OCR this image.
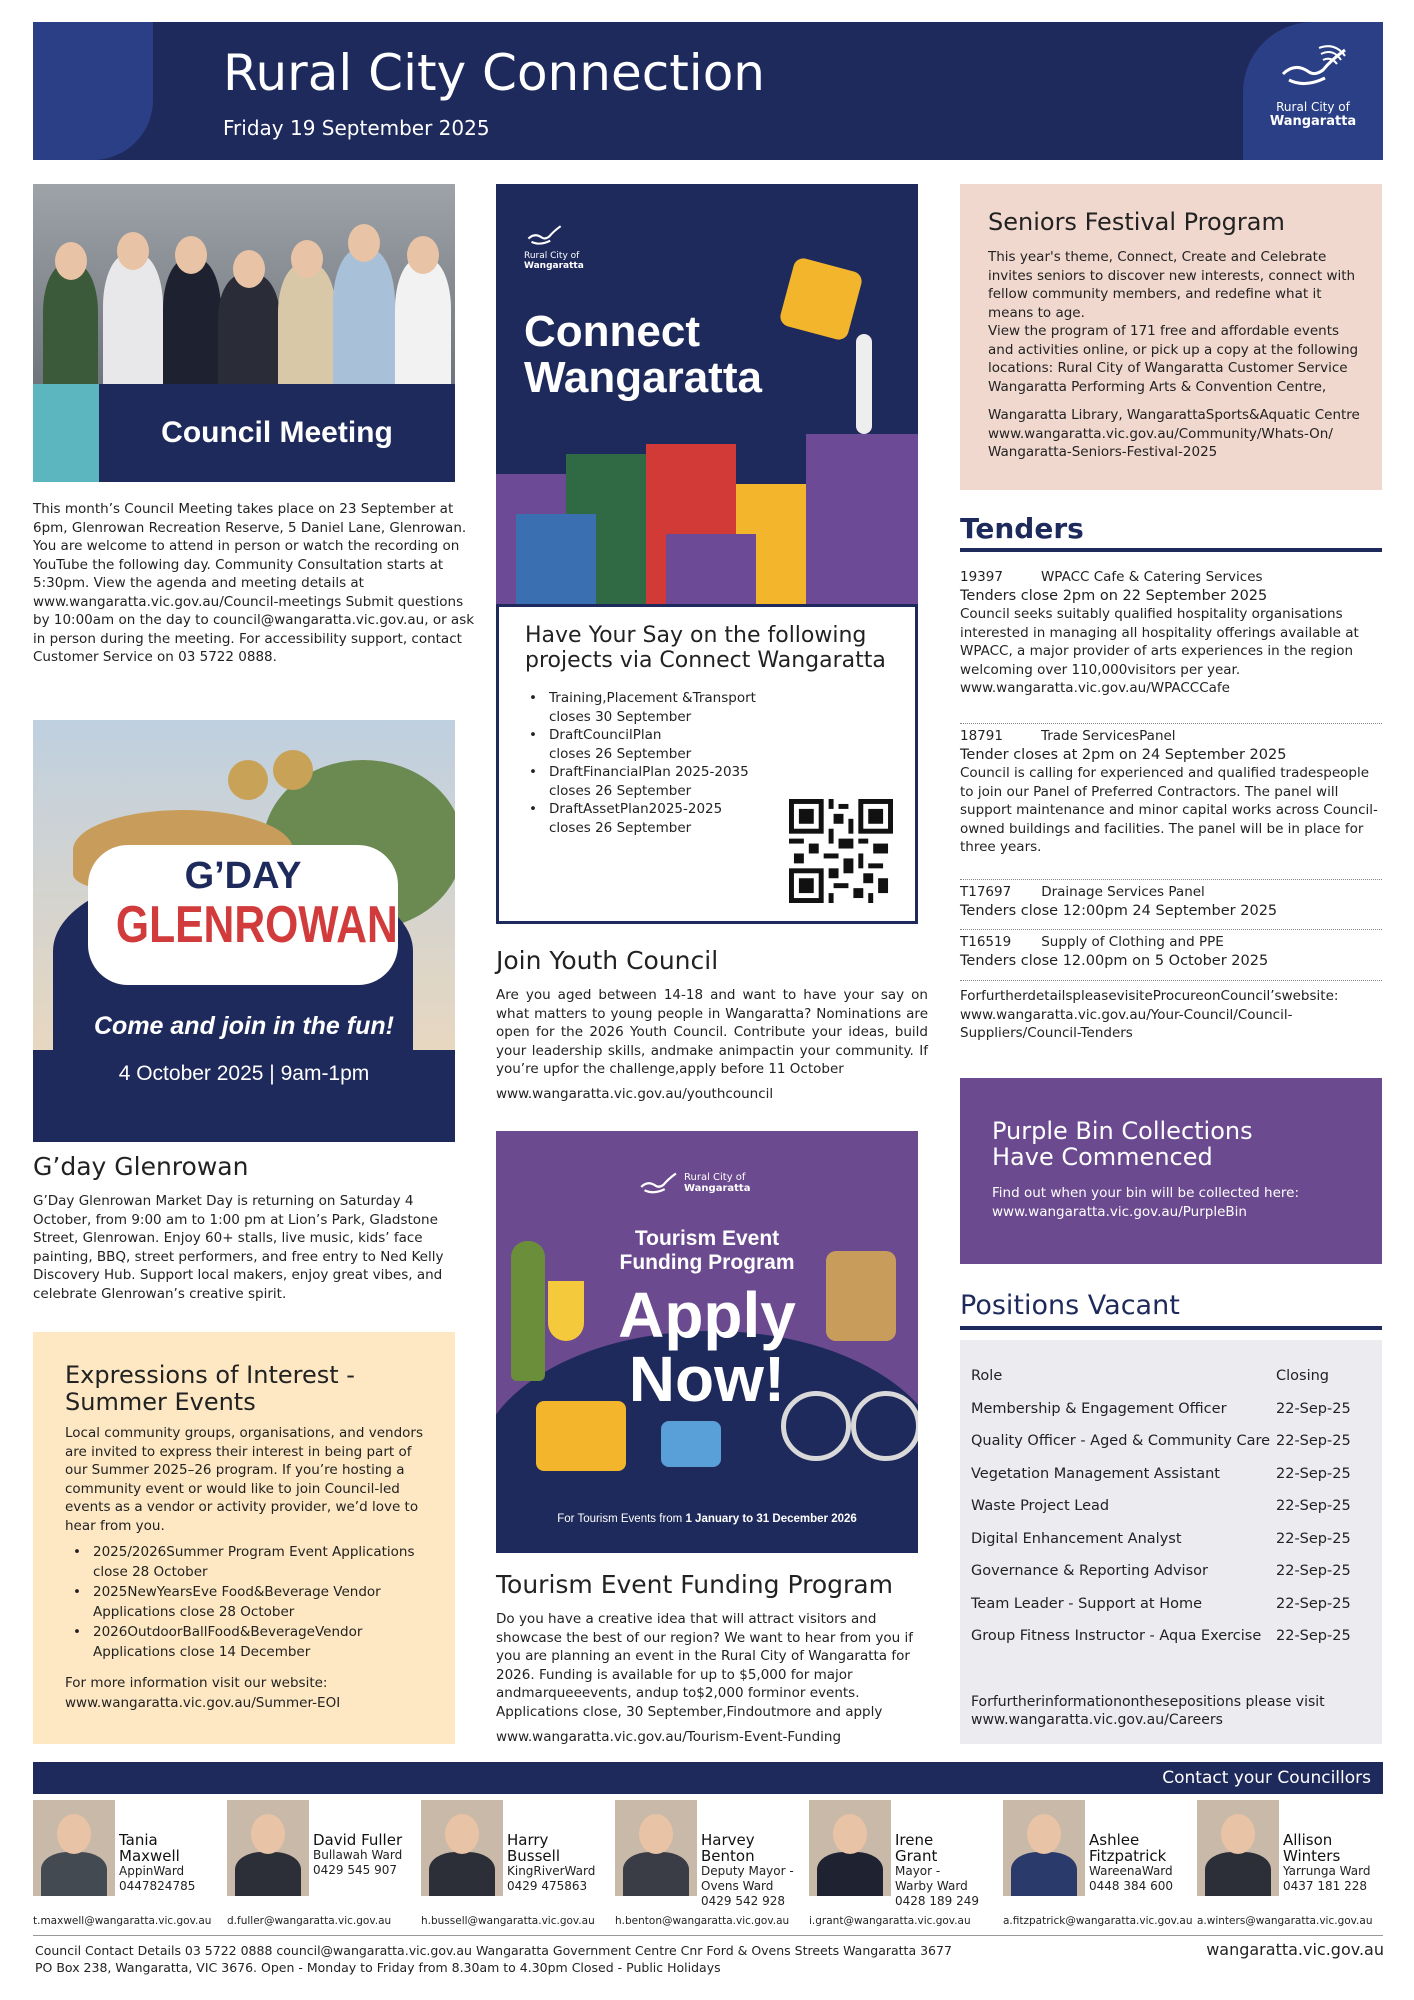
Rural City Connection
Friday 19 September 2025
Rural City of
Wangaratta
Council Meeting
This month’s Council Meeting takes place on 23 September at 6pm, Glenrowan Recreation Reserve, 5 Daniel Lane, Glenrowan. You are welcome to attend in person or watch the recording on YouTube the following day. Community Consultation starts at 5:30pm. View the agenda and meeting details at www.wangaratta.vic.gov.au/Council-meetings Submit questions by 10:00am on the day to council@wangaratta.vic.gov.au, or ask in person during the meeting. For accessibility support, contact Customer Service on 03 5722 0888.
G’DAY
GLENROWAN
Come and join in the fun!
4 October 2025 | 9am-1pm
G’day Glenrowan
G’Day Glenrowan Market Day is returning on Saturday 4 October, from 9:00 am to 1:00 pm at Lion’s Park, Gladstone Street, Glenrowan. Enjoy 60+ stalls, live music, kids’ face painting, BBQ, street performers, and free entry to Ned Kelly Discovery Hub. Support local makers, enjoy great vibes, and celebrate Glenrowan’s creative spirit.
Expressions of Interest - Summer Events
Local community groups, organisations, and vendors are invited to express their interest in being part of our Summer 2025–26 program. If you’re hosting a community event or would like to join Council-led events as a vendor or activity provider, we’d love to hear from you.
• 2025/2026Summer Program Event Applications close 28 October
• 2025NewYearsEve Food&Beverage Vendor Applications close 28 October
• 2026OutdoorBallFood&BeverageVendor Applications close 14 December
For more information visit our website:
www.wangaratta.vic.gov.au/Summer-EOI
Rural City of
Wangaratta
Connect
Wangaratta
Have Your Say on the following projects via Connect Wangaratta
• Training,Placement &Transport
closes 30 September
• DraftCouncilPlan
closes 26 September
• DraftFinancialPlan 2025-2035
closes 26 September
• DraftAssetPlan2025-2025
closes 26 September
Join Youth Council
Are you aged between 14-18 and want to have your say on what matters to young people in Wangaratta? Nominations are open for the 2026 Youth Council. Contribute your ideas, build your leadership skills, andmake animpactin your community. If you’re upfor the challenge,apply before 11 October
www.wangaratta.vic.gov.au/youthcouncil
Rural City of
Wangaratta
Tourism Event
Funding Program
Apply
Now!
For Tourism Events from 1 January to 31 December 2026
Tourism Event Funding Program
Do you have a creative idea that will attract visitors and showcase the best of our region? We want to hear from you if you are planning an event in the Rural City of Wangaratta for 2026. Funding is available for up to $5,000 for major andmarqueeevents, andup to$2,000 forminor events. Applications close, 30 September,Findoutmore and apply
www.wangaratta.vic.gov.au/Tourism-Event-Funding
Seniors Festival Program
This year's theme, Connect, Create and Celebrate invites seniors to discover new interests, connect with fellow community members, and redefine what it means to age.
View the program of 171 free and affordable events and activities online, or pick up a copy at the following locations: Rural City of Wangaratta Customer Service Wangaratta Performing Arts & Convention Centre,
Wangaratta Library, WangarattaSports&Aquatic Centre www.wangaratta.vic.gov.au/Community/Whats-On/ Wangaratta-Seniors-Festival-2025
Tenders
19397	WPACC Cafe & Catering Services
Tenders close 2pm on 22 September 2025
Council seeks suitably qualified hospitality organisations interested in managing all hospitality offerings available at WPACC, a major provider of arts experiences in the region welcoming over 110,000visitors per year. www.wangaratta.vic.gov.au/WPACCCafe
18791	Trade ServicesPanel
Tender closes at 2pm on 24 September 2025
Council is calling for experienced and qualified tradespeople to join our Panel of Preferred Contractors. The panel will support maintenance and minor capital works across Council-owned buildings and facilities. The panel will be in place for three years.
T17697 Drainage Services Panel
Tenders close 12:00pm 24 September 2025
T16519 Supply of Clothing and PPE
Tenders close 12.00pm on 5 October 2025
ForfurtherdetailspleasevisiteProcureonCouncil’swebsite: www.wangaratta.vic.gov.au/Your-Council/Council-Suppliers/Council-Tenders
Purple Bin Collections Have Commenced
Find out when your bin will be collected here: www.wangaratta.vic.gov.au/PurpleBin
Positions Vacant
Role	Closing
Membership & Engagement Officer	22-Sep-25
Quality Officer - Aged & Community Care 22-Sep-25
Vegetation Management Assistant	22-Sep-25
Waste Project Lead	22-Sep-25
Digital Enhancement Analyst	22-Sep-25
Governance & Reporting Advisor	22-Sep-25
Team Leader - Support at Home	22-Sep-25
Group Fitness Instructor - Aqua Exercise	22-Sep-25
Forfurtherinformationonthesepositions please visit
www.wangaratta.vic.gov.au/Careers
Contact your Councillors
Tania Maxwell
AppinWard
0447824785
t.maxwell@wangaratta.vic.gov.au
David Fuller
Bullawah Ward
0429 545 907
d.fuller@wangaratta.vic.gov.au
Harry Bussell
KingRiverWard
0429 475863
h.bussell@wangaratta.vic.gov.au
Harvey Benton
Deputy Mayor - Ovens Ward
0429 542 928
h.benton@wangaratta.vic.gov.au
Irene Grant
Mayor - Warby Ward
0428 189 249
i.grant@wangaratta.vic.gov.au
Ashlee Fitzpatrick
WareenaWard
0448 384 600
a.fitzpatrick@wangaratta.vic.gov.au
Allison Winters
Yarrunga Ward
0437 181 228
a.winters@wangaratta.vic.gov.au
Council Contact Details 03 5722 0888 council@wangaratta.vic.gov.au Wangaratta Government Centre Cnr Ford & Ovens Streets Wangaratta 3677
PO Box 238, Wangaratta, VIC 3676. Open - Monday to Friday from 8.30am to 4.30pm Closed - Public Holidays
wangaratta.vic.gov.au
